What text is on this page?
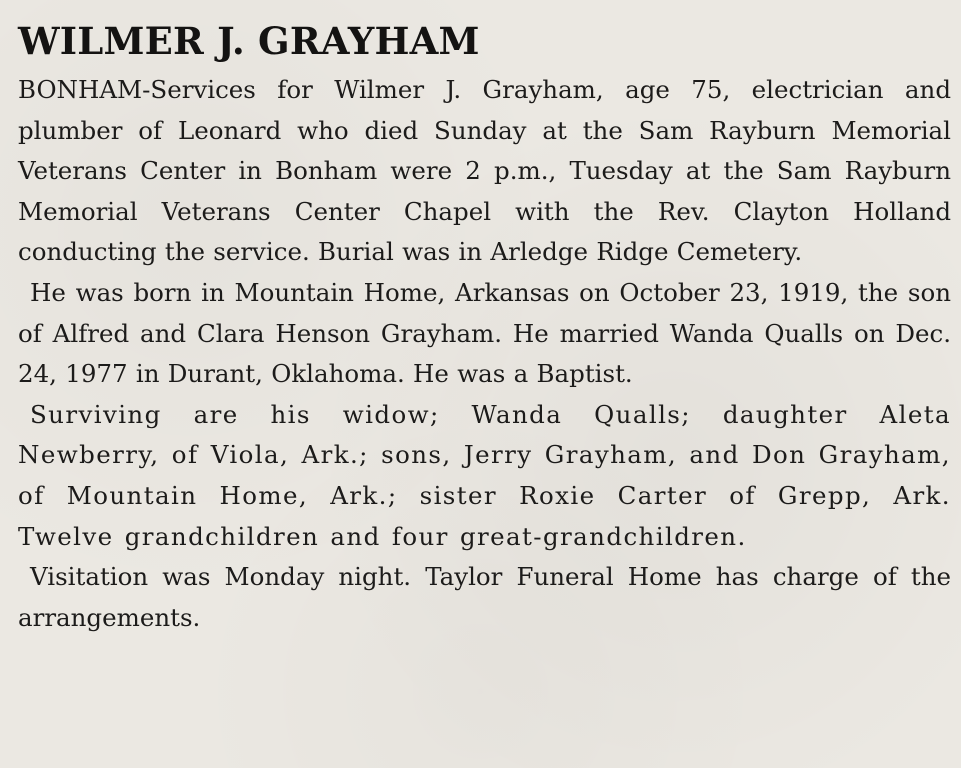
WILMER J. GRAYHAM

BONHAM-Services for Wilmer J. Grayham, age 75, electrician and plumber of Leonard who died Sunday at the Sam Rayburn Memorial Veterans Center in Bonham were 2 p.m., Tuesday at the Sam Rayburn Memorial Veterans Center Chapel with the Rev. Clayton Holland conducting the service. Burial was in Arledge Ridge Cemetery.

He was born in Mountain Home, Arkansas on October 23, 1919, the son of Alfred and Clara Henson Grayham. He married Wanda Qualls on Dec. 24, 1977 in Durant, Oklahoma. He was a Baptist.

Surviving are his widow; Wanda Qualls; daughter Aleta Newberry, of Viola, Ark.; sons, Jerry Grayham, and Don Grayham, of Mountain Home, Ark.; sister Roxie Carter of Grepp, Ark. Twelve grandchildren and four great-grandchildren.

Visitation was Monday night. Taylor Funeral Home has charge of the arrangements.
